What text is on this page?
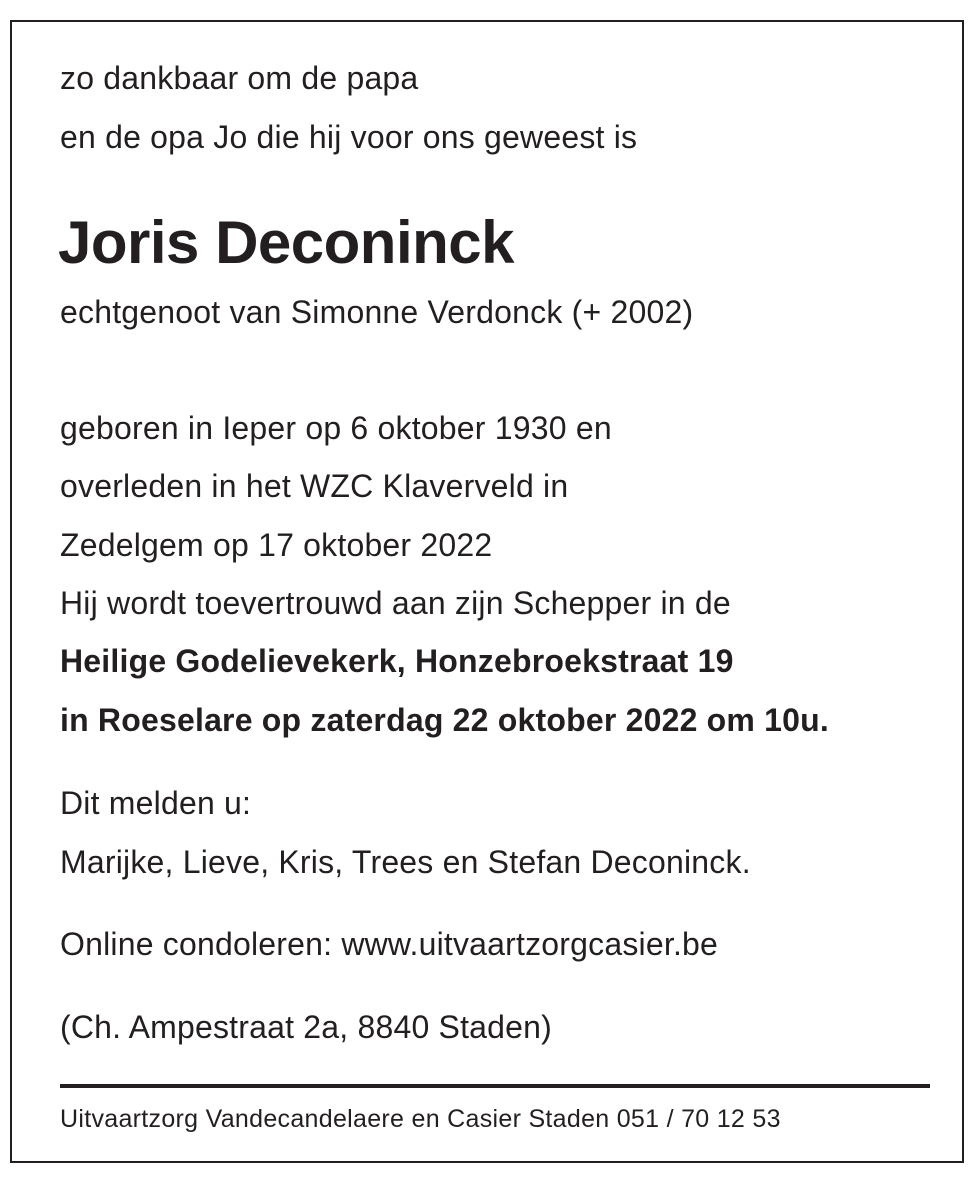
zo dankbaar om de papa
en de opa Jo die hij voor ons geweest is
Joris Deconinck
echtgenoot van Simonne Verdonck (+ 2002)
geboren in Ieper op 6 oktober 1930 en
overleden in het WZC Klaverveld in
Zedelgem op 17 oktober 2022
Hij wordt toevertrouwd aan zijn Schepper in de
Heilige Godelievekerk, Honzebroekstraat 19
in Roeselare op zaterdag 22 oktober 2022 om 10u.
Dit melden u:
Marijke, Lieve, Kris, Trees en Stefan Deconinck.
Online condoleren: www.uitvaartzorgcasier.be
(Ch. Ampestraat 2a, 8840 Staden)
Uitvaartzorg Vandecandelaere en Casier Staden 051 / 70 12 53
